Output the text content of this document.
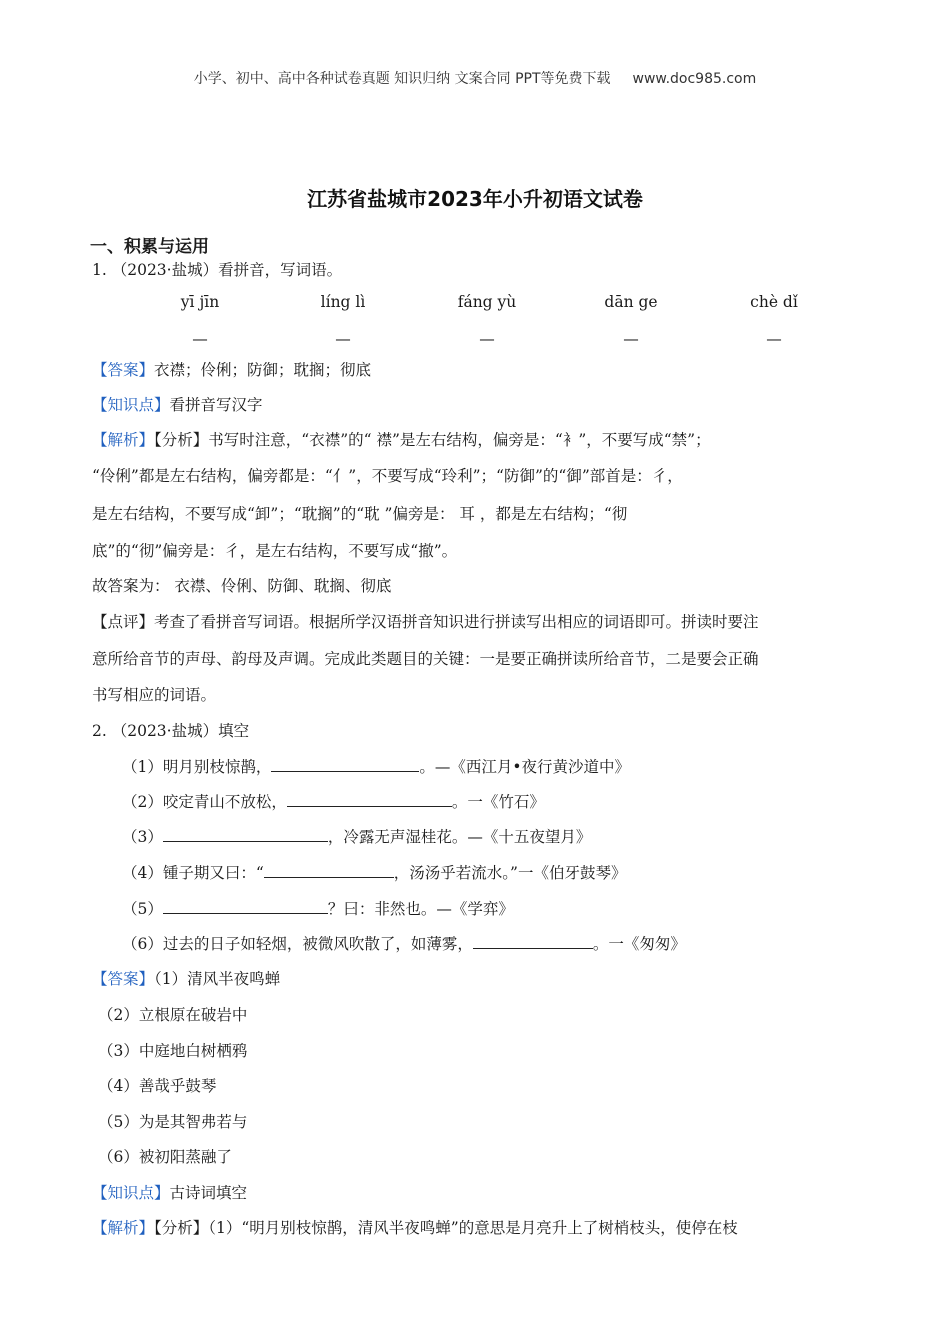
小学、初中、高中各种试卷真题 知识归纳 文案合同 PPT等免费下载 www.doc985.com
江苏省盐城市2023年小升初语文试卷
一、积累与运用
1. （2023·盐城）看拼音，写词语。
yī jīn	líng lì	fáng yù	dān ge	chè dǐ
—	—	—	—	—
【答案】衣襟；伶俐；防御；耽搁；彻底
【知识点】看拼音写汉字
【解析】【分析】书写时注意，“衣襟”的“ 襟”是左右结构，偏旁是：“衤”，不要写成“禁”；
“伶俐”都是左右结构，偏旁都是：“亻”，不要写成“玲利”；“防御”的“御”部首是：彳，
是左右结构，不要写成“卸”；“耽搁”的“耽 ”偏旁是： 耳 ，都是左右结构；“彻
底”的“彻”偏旁是：彳，是左右结构，不要写成“撤”。
故答案为： 衣襟、伶俐、防御、耽搁、彻底
【点评】考查了看拼音写词语。根据所学汉语拼音知识进行拼读写出相应的词语即可。拼读时要注
意所给音节的声母、韵母及声调。完成此类题目的关键：一是要正确拼读所给音节，二是要会正确
书写相应的词语。
2. （2023·盐城）填空
（1）明月别枝惊鹊，	。—《西江月•夜行黄沙道中》
（2）咬定青山不放松，	。一《竹石》
（3）	，冷露无声湿桂花。—《十五夜望月》
（4）锺子期又曰：“	，汤汤乎若流水。”一《伯牙鼓琴》
（5）	？曰：非然也。—《学弈》
（6）过去的日子如轻烟，被微风吹散了，如薄雾，	。一《匆匆》
【答案】（1）清风半夜鸣蝉
（2）立根原在破岩中
（3）中庭地白树栖鸦
（4）善哉乎鼓琴
（5）为是其智弗若与
（6）被初阳蒸融了
【知识点】古诗词填空
【解析】【分析】（1）“明月别枝惊鹊，清风半夜鸣蝉”的意思是月亮升上了树梢枝头，使停在枝
